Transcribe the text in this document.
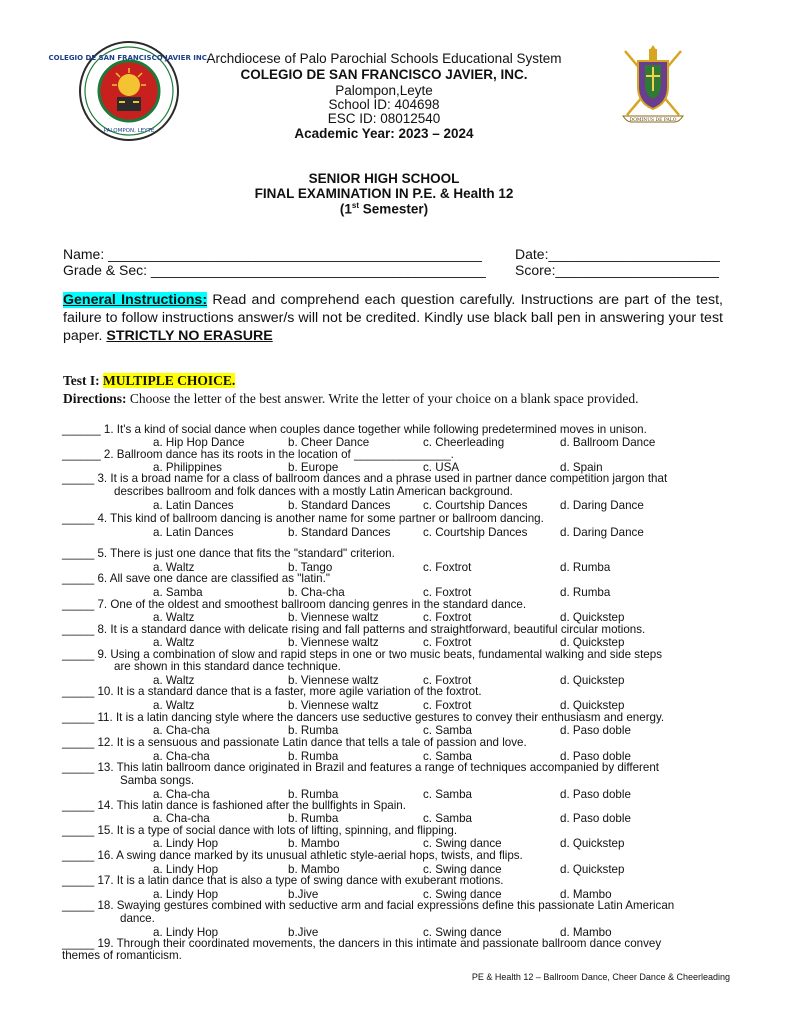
COLEGIO DE SAN FRANCISCO JAVIER INC.
PALOMPON, LEYTE
DOMINUS DE PALO
Archdiocese of Palo Parochial Schools Educational System
COLEGIO DE SAN FRANCISCO JAVIER, INC.
Palompon,Leyte
School ID: 404698
ESC ID: 08012540
Academic Year: 2023 – 2024
SENIOR HIGH SCHOOL
FINAL EXAMINATION IN P.E. & Health 12
(1st Semester)
Name: ________________________________________________ Date:______________________
Grade & Sec: ___________________________________________ Score:_____________________
General Instructions: Read and comprehend each question carefully. Instructions are part of the test, failure to follow instructions answer/s will not be credited. Kindly use black ball pen in answering your test paper. STRICTLY NO ERASURE
Test I: MULTIPLE CHOICE.
Directions: Choose the letter of the best answer. Write the letter of your choice on a blank space provided.
______ 1. It's a kind of social dance when couples dance together while following predetermined moves in unison.
a. Hip Hop Dance	b. Cheer Dance	c. Cheerleading	d. Ballroom Dance
______ 2. Ballroom dance has its roots in the location of _______________.
a. Philippines	b. Europe	c. USA	d. Spain
_____ 3. It is a broad name for a class of ballroom dances and a phrase used in partner dance competition jargon that
describes ballroom and folk dances with a mostly Latin American background.
a. Latin Dances	b. Standard Dances	c. Courtship Dances	d. Daring Dance
_____ 4. This kind of ballroom dancing is another name for some partner or ballroom dancing.
a. Latin Dances	b. Standard Dances	c. Courtship Dances	d. Daring Dance
_____ 5. There is just one dance that fits the "standard" criterion.
a. Waltz	b. Tango	c. Foxtrot	d. Rumba
_____ 6. All save one dance are classified as "latin."
a. Samba	b. Cha-cha	c. Foxtrot	d. Rumba
_____ 7. One of the oldest and smoothest ballroom dancing genres in the standard dance.
a. Waltz	b. Viennese waltz	c. Foxtrot	d. Quickstep
_____ 8. It is a standard dance with delicate rising and fall patterns and straightforward, beautiful circular motions.
a. Waltz	b. Viennese waltz	c. Foxtrot	d. Quickstep
_____ 9. Using a combination of slow and rapid steps in one or two music beats, fundamental walking and side steps
are shown in this standard dance technique.
a. Waltz	b. Viennese waltz	c. Foxtrot	d. Quickstep
_____ 10. It is a standard dance that is a faster, more agile variation of the foxtrot.
a. Waltz	b. Viennese waltz	c. Foxtrot	d. Quickstep
_____ 11. It is a latin dancing style where the dancers use seductive gestures to convey their enthusiasm and energy.
a. Cha-cha	b. Rumba	c. Samba	d. Paso doble
_____ 12. It is a sensuous and passionate Latin dance that tells a tale of passion and love.
a. Cha-cha	b. Rumba	c. Samba	d. Paso doble
_____ 13. This latin ballroom dance originated in Brazil and features a range of techniques accompanied by different
Samba songs.
a. Cha-cha	b. Rumba	c. Samba	d. Paso doble
_____ 14. This latin dance is fashioned after the bullfights in Spain.
a. Cha-cha	b. Rumba	c. Samba	d. Paso doble
_____ 15. It is a type of social dance with lots of lifting, spinning, and flipping.
a. Lindy Hop	b. Mambo	c. Swing dance	d. Quickstep
_____ 16. A swing dance marked by its unusual athletic style-aerial hops, twists, and flips.
a. Lindy Hop	b. Mambo	c. Swing dance	d. Quickstep
_____ 17. It is a latin dance that is also a type of swing dance with exuberant motions.
a. Lindy Hop	b.Jive	c. Swing dance	d. Mambo
_____ 18. Swaying gestures combined with seductive arm and facial expressions define this passionate Latin American
dance.
a. Lindy Hop	b.Jive	c. Swing dance	d. Mambo
_____ 19. Through their coordinated movements, the dancers in this intimate and passionate ballroom dance convey
themes of romanticism.
PE & Health 12 – Ballroom Dance, Cheer Dance & Cheerleading
